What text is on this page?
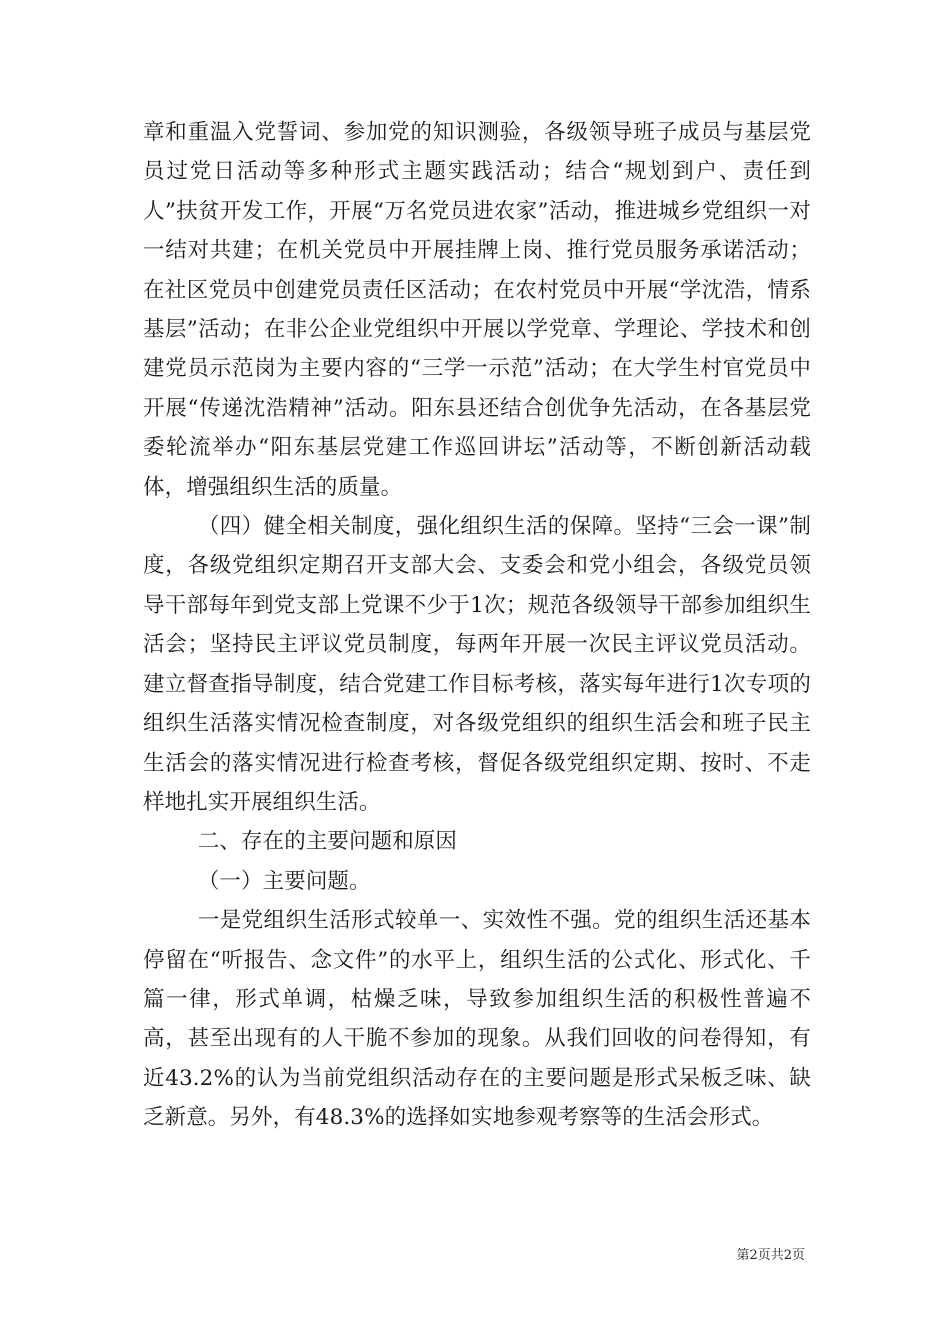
章和重温入党誓词、参加党的知识测验，各级领导班子成员与基层党员过党日活动等多种形式主题实践活动；结合“规划到户、责任到人”扶贫开发工作，开展“万名党员进农家”活动，推进城乡党组织一对一结对共建；在机关党员中开展挂牌上岗、推行党员服务承诺活动；在社区党员中创建党员责任区活动；在农村党员中开展“学沈浩，情系基层”活动；在非公企业党组织中开展以学党章、学理论、学技术和创建党员示范岗为主要内容的“三学一示范”活动；在大学生村官党员中开展“传递沈浩精神”活动。阳东县还结合创优争先活动，在各基层党委轮流举办“阳东基层党建工作巡回讲坛”活动等，不断创新活动载体，增强组织生活的质量。

（四）健全相关制度，强化组织生活的保障。坚持“三会一课”制度，各级党组织定期召开支部大会、支委会和党小组会，各级党员领导干部每年到党支部上党课不少于1次；规范各级领导干部参加组织生活会；坚持民主评议党员制度，每两年开展一次民主评议党员活动。建立督查指导制度，结合党建工作目标考核，落实每年进行1次专项的组织生活落实情况检查制度，对各级党组织的组织生活会和班子民主生活会的落实情况进行检查考核，督促各级党组织定期、按时、不走样地扎实开展组织生活。

二、存在的主要问题和原因

（一）主要问题。

一是党组织生活形式较单一、实效性不强。党的组织生活还基本停留在“听报告、念文件”的水平上，组织生活的公式化、形式化、千篇一律，形式单调，枯燥乏味，导致参加组织生活的积极性普遍不高，甚至出现有的人干脆不参加的现象。从我们回收的问卷得知，有近43.2%的认为当前党组织活动存在的主要问题是形式呆板乏味、缺乏新意。另外，有48.3%的选择如实地参观考察等的生活会形式。

第2页共2页
